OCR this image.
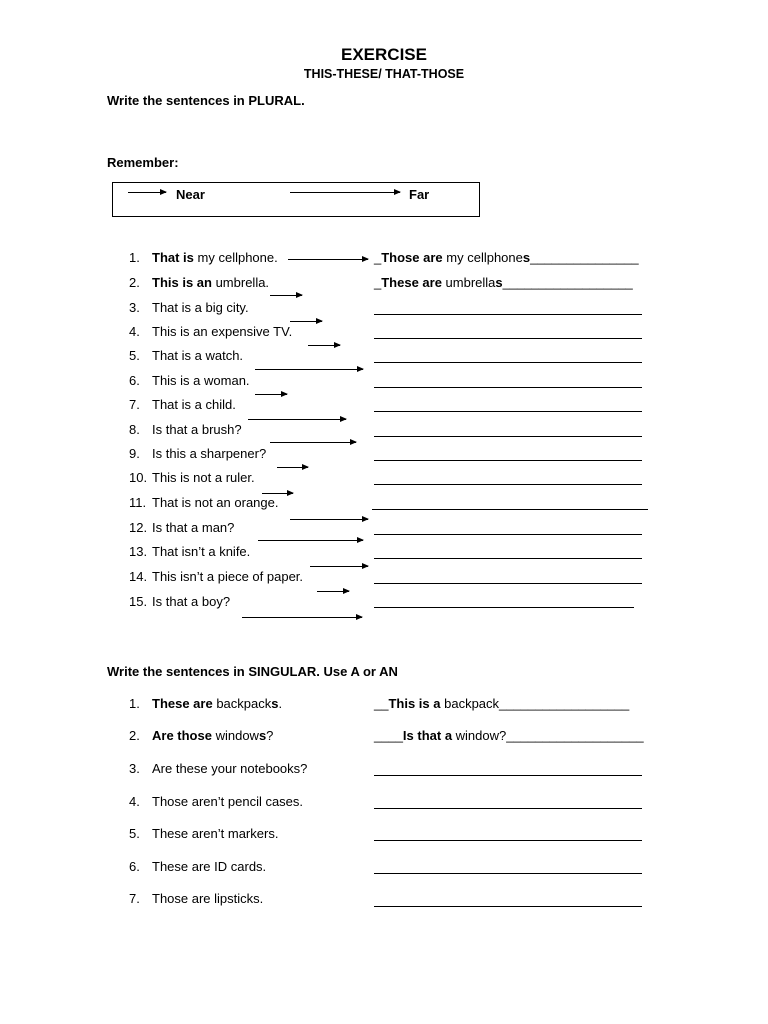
EXERCISE
THIS-THESE/ THAT-THOSE
Write the sentences in PLURAL.
Remember:
Near	Far
1. That is my cellphone.
2. This is an umbrella.
3. That is a big city.
4. This is an expensive TV.
5. That is a watch.
6. This is a woman.
7. That is a child.
8. Is that a brush?
9. Is this a sharpener?
10. This is not a ruler.
11. That is not an orange.
12. Is that a man?
13. That isn’t a knife.
14. This isn’t a piece of paper.
15. Is that a boy?
_Those are my cellphones_______________
_These are umbrellas__________________
Write the sentences in SINGULAR. Use A or AN
1. These are backpacks.
2. Are those windows?
3. Are these your notebooks?
4. Those aren’t pencil cases.
5. These aren’t markers.
6. These are ID cards.
7. Those are lipsticks.
__This is a backpack__________________
____Is that a window?___________________
